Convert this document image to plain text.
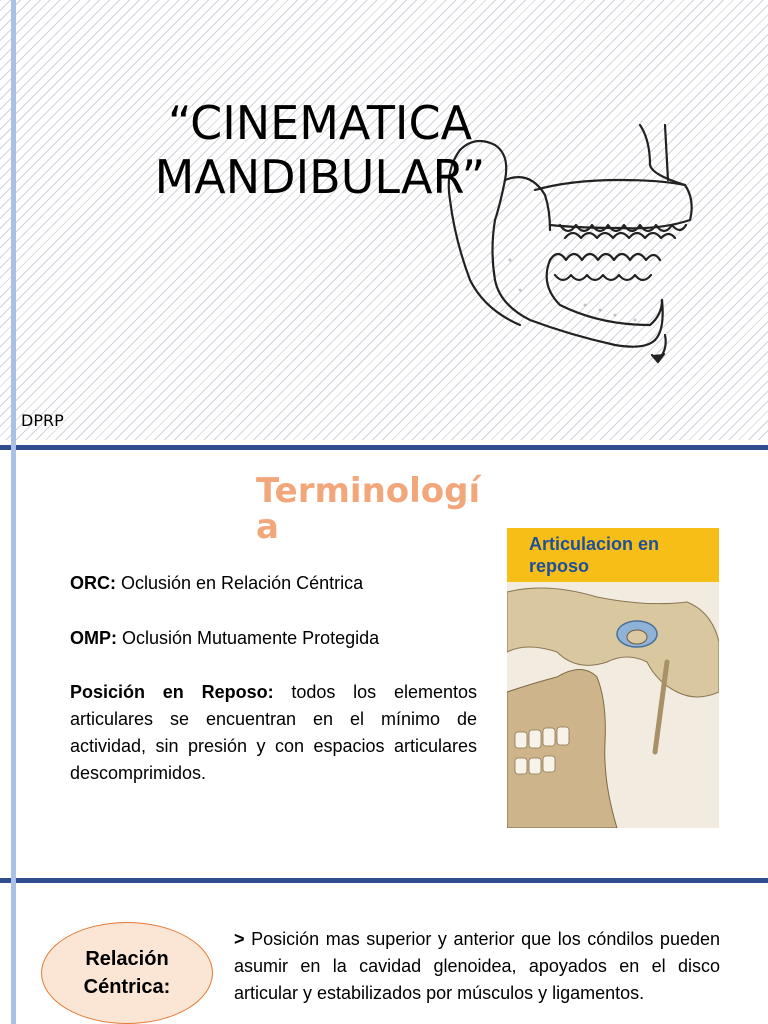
“CINEMATICA
MANDIBULAR”
DPRP
Terminología
ORC: Oclusión en Relación Céntrica
OMP: Oclusión Mutuamente Protegida
Posición en Reposo: todos los elementos articulares se encuentran en el mínimo de actividad, sin presión y con espacios articulares descomprimidos.
Articulacion en reposo
Relación Céntrica:
> Posición mas superior y anterior que los cóndilos pueden asumir en la cavidad glenoidea, apoyados en el disco articular y estabilizados por músculos y ligamentos.
